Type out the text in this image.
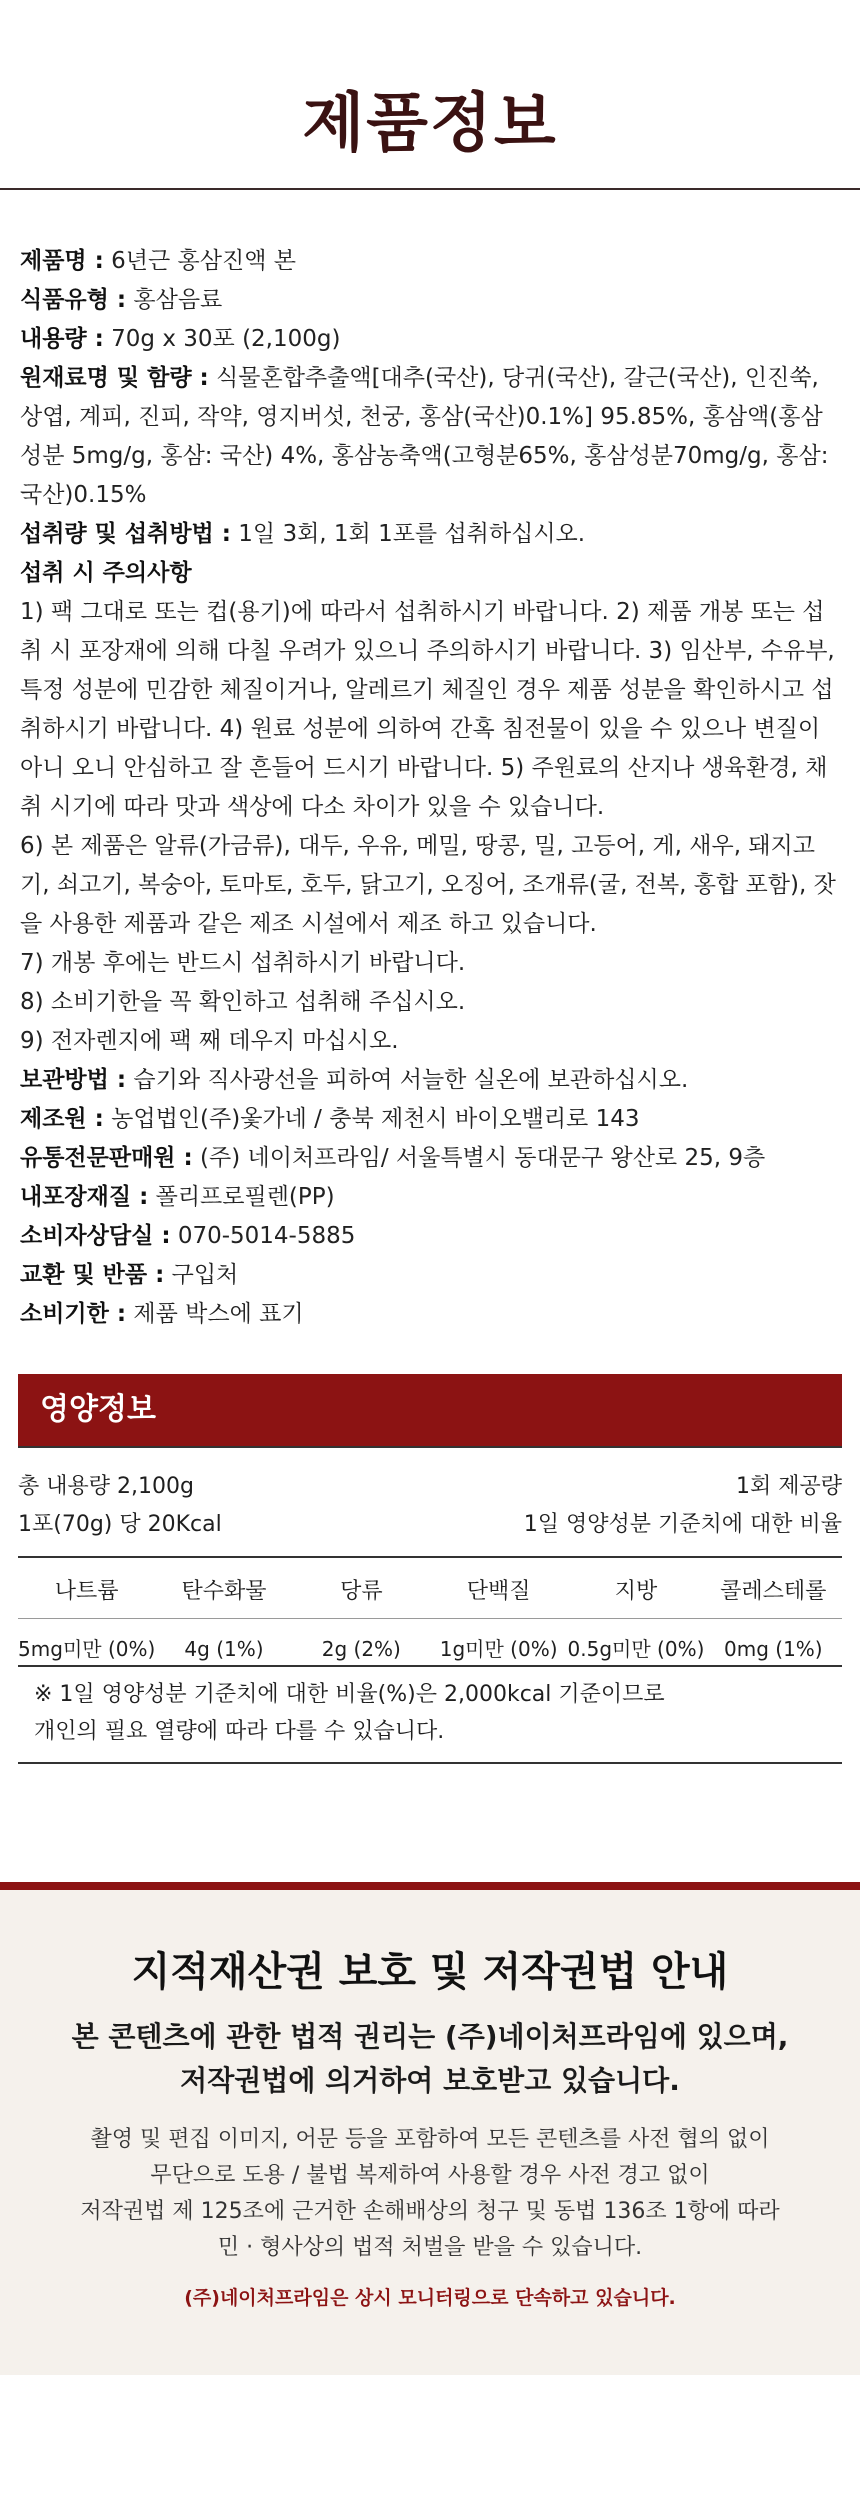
제품정보

제품명 : 6년근 홍삼진액 본

식품유형 : 홍삼음료

내용량 : 70g x 30포 (2,100g)

원재료명 및 함량 : 식물혼합추출액[대추(국산), 당귀(국산), 갈근(국산), 인진쑥, 상엽, 계피, 진피, 작약, 영지버섯, 천궁, 홍삼(국산)0.1%] 95.85%, 홍삼액(홍삼성분 5mg/g, 홍삼: 국산) 4%, 홍삼농축액(고형분65%, 홍삼성분70mg/g, 홍삼:국산)0.15%

섭취량 및 섭취방법 : 1일 3회, 1회 1포를 섭취하십시오.

섭취 시 주의사항

1) 팩 그대로 또는 컵(용기)에 따라서 섭취하시기 바랍니다. 2) 제품 개봉 또는 섭취 시 포장재에 의해 다칠 우려가 있으니 주의하시기 바랍니다. 3) 임산부, 수유부, 특정 성분에 민감한 체질이거나, 알레르기 체질인 경우 제품 성분을 확인하시고 섭취하시기 바랍니다. 4) 원료 성분에 의하여 간혹 침전물이 있을 수 있으나 변질이 아니 오니 안심하고 잘 흔들어 드시기 바랍니다. 5) 주원료의 산지나 생육환경, 채취 시기에 따라 맛과 색상에 다소 차이가 있을 수 있습니다.

6) 본 제품은 알류(가금류), 대두, 우유, 메밀, 땅콩, 밀, 고등어, 게, 새우, 돼지고기, 쇠고기, 복숭아, 토마토, 호두, 닭고기, 오징어, 조개류(굴, 전복, 홍합 포함), 잣을 사용한 제품과 같은 제조 시설에서 제조 하고 있습니다.

7) 개봉 후에는 반드시 섭취하시기 바랍니다.

8) 소비기한을 꼭 확인하고 섭취해 주십시오.

9) 전자렌지에 팩 째 데우지 마십시오.

보관방법 : 습기와 직사광선을 피하여 서늘한 실온에 보관하십시오.

제조원 : 농업법인(주)옻가네 / 충북 제천시 바이오밸리로 143

유통전문판매원 : (주) 네이처프라임/ 서울특별시 동대문구 왕산로 25, 9층

내포장재질 : 폴리프로필렌(PP)

소비자상담실 : 070-5014-5885

교환 및 반품 : 구입처

소비기한 : 제품 박스에 표기

영양정보
총 내용량 2,100g	1회 제공량
1포(70g) 당 20Kcal	1일 영양성분 기준치에 대한 비율
나트륨	탄수화물	당류	단백질	지방	콜레스테롤
5mg미만 (0%)	4g (1%)	2g (2%)	1g미만 (0%) 0.5g미만 (0%) 0mg (1%)
※ 1일 영양성분 기준치에 대한 비율(%)은 2,000kcal 기준이므로
개인의 필요 열량에 따라 다를 수 있습니다.
지적재산권 보호 및 저작권법 안내
본 콘텐츠에 관한 법적 권리는 (주)네이처프라임에 있으며,
저작권법에 의거하여 보호받고 있습니다.
촬영 및 편집 이미지, 어문 등을 포함하여 모든 콘텐츠를 사전 협의 없이
무단으로 도용 / 불법 복제하여 사용할 경우 사전 경고 없이
저작권법 제 125조에 근거한 손해배상의 청구 및 동법 136조 1항에 따라
민 · 형사상의 법적 처벌을 받을 수 있습니다.
(주)네이처프라임은 상시 모니터링으로 단속하고 있습니다.
